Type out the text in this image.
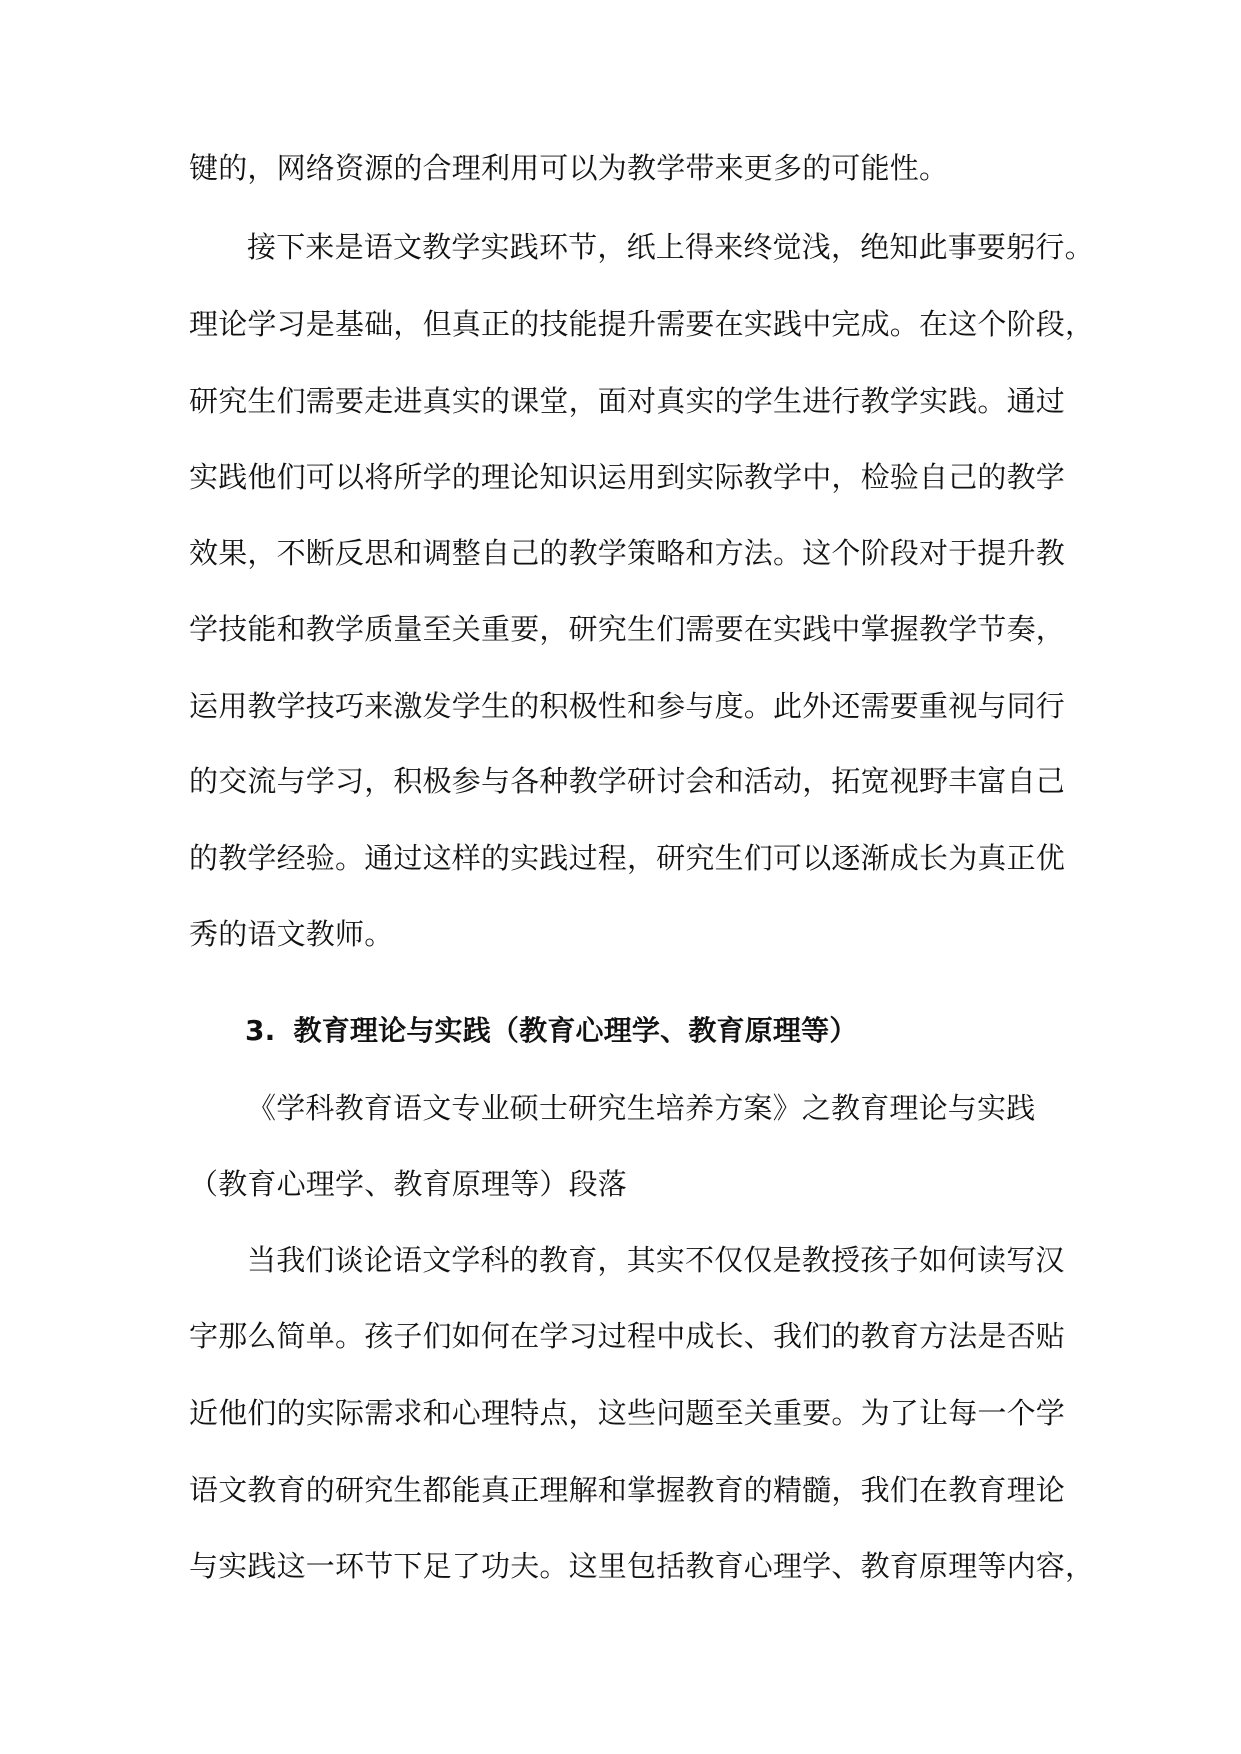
键的，网络资源的合理利用可以为教学带来更多的可能性。
接下来是语文教学实践环节，纸上得来终觉浅，绝知此事要躬行。
理论学习是基础，但真正的技能提升需要在实践中完成。在这个阶段，
研究生们需要走进真实的课堂，面对真实的学生进行教学实践。通过
实践他们可以将所学的理论知识运用到实际教学中，检验自己的教学
效果，不断反思和调整自己的教学策略和方法。这个阶段对于提升教
学技能和教学质量至关重要，研究生们需要在实践中掌握教学节奏，
运用教学技巧来激发学生的积极性和参与度。此外还需要重视与同行
的交流与学习，积极参与各种教学研讨会和活动，拓宽视野丰富自己
的教学经验。通过这样的实践过程，研究生们可以逐渐成长为真正优
秀的语文教师。
3. 教育理论与实践（教育心理学、教育原理等）
《学科教育语文专业硕士研究生培养方案》之教育理论与实践
（教育心理学、教育原理等）段落
当我们谈论语文学科的教育，其实不仅仅是教授孩子如何读写汉
字那么简单。孩子们如何在学习过程中成长、我们的教育方法是否贴
近他们的实际需求和心理特点，这些问题至关重要。为了让每一个学
语文教育的研究生都能真正理解和掌握教育的精髓，我们在教育理论
与实践这一环节下足了功夫。这里包括教育心理学、教育原理等内容，
